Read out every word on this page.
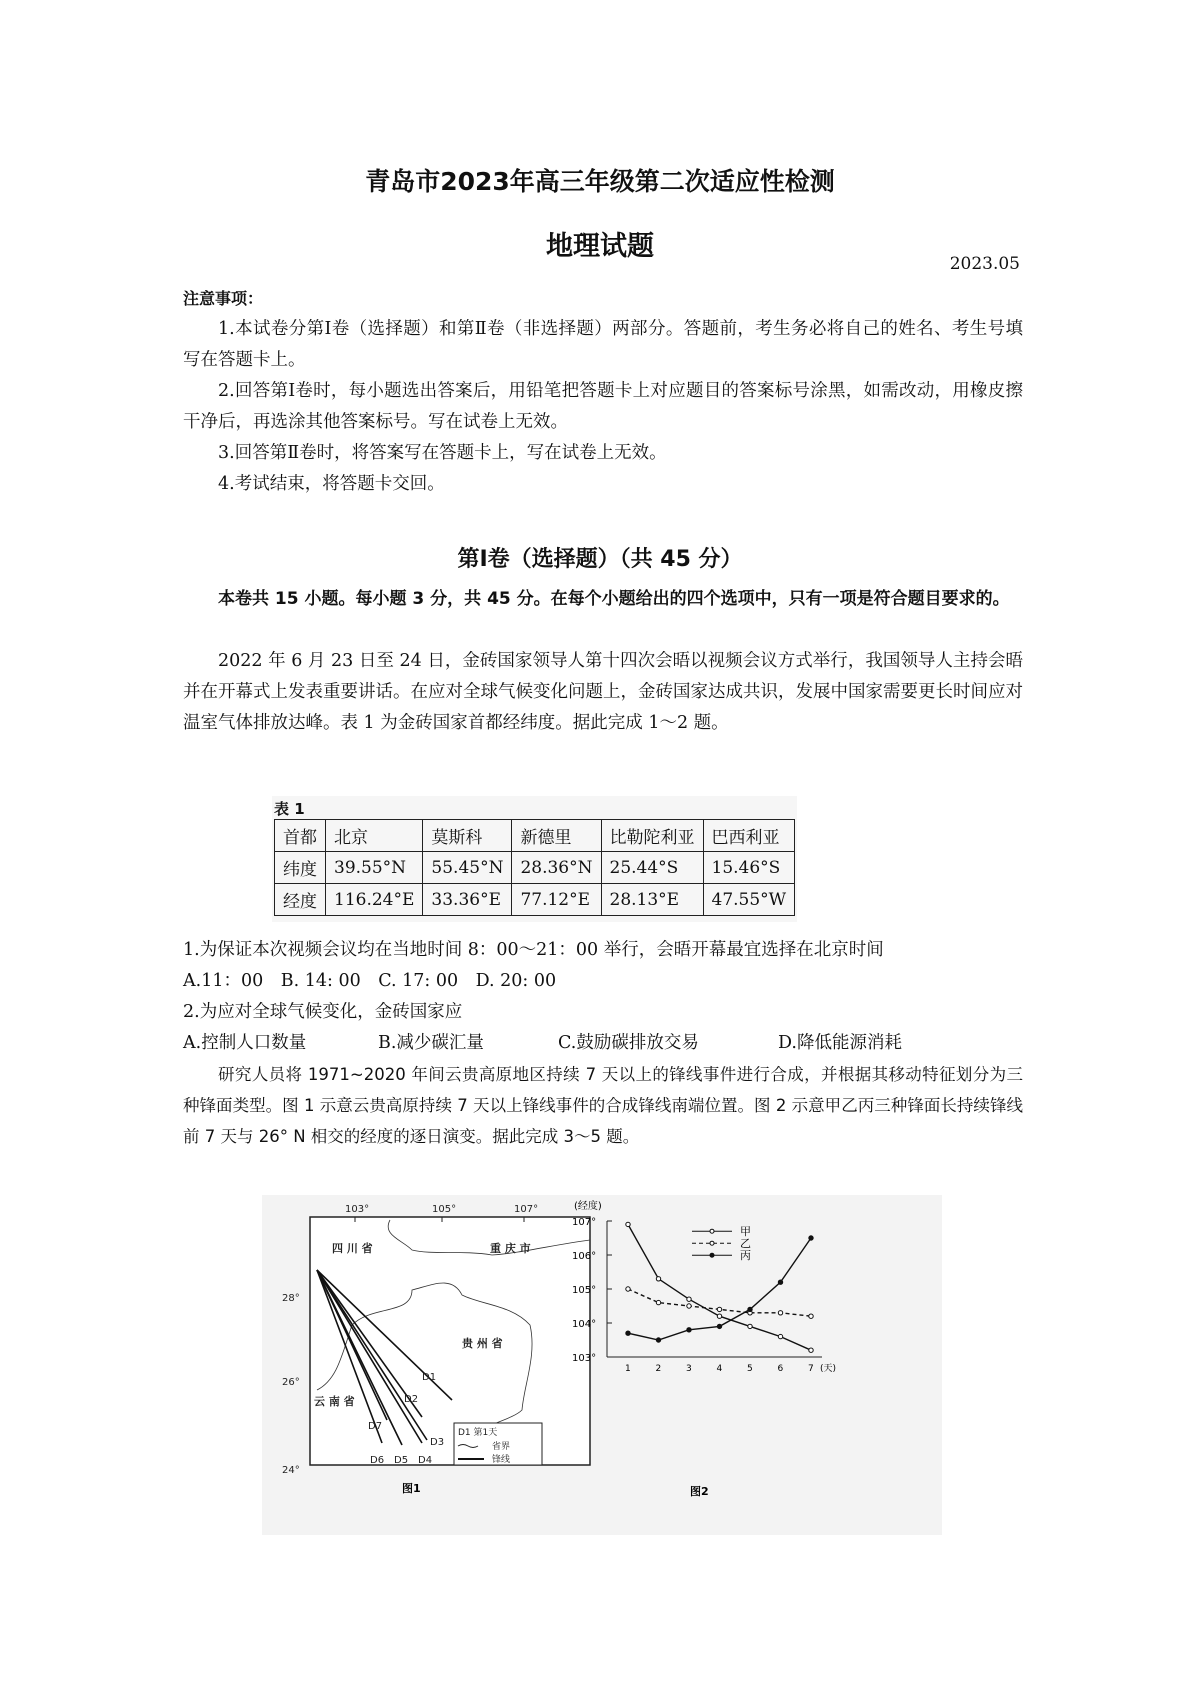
青岛市2023年高三年级第二次适应性检测
地理试题
2023.05
注意事项：
1.本试卷分第Ⅰ卷（选择题）和第Ⅱ卷（非选择题）两部分。答题前，考生务必将自己的姓名、考生号填写在答题卡上。
2.回答第Ⅰ卷时，每小题选出答案后，用铅笔把答题卡上对应题目的答案标号涂黑，如需改动，用橡皮擦干净后，再选涂其他答案标号。写在试卷上无效。
3.回答第Ⅱ卷时，将答案写在答题卡上，写在试卷上无效。
4.考试结束，将答题卡交回。
第Ⅰ卷（选择题）（共 45 分）
本卷共 15 小题。每小题 3 分，共 45 分。在每个小题给出的四个选项中，只有一项是符合题目要求的。
2022 年 6 月 23 日至 24 日，金砖国家领导人第十四次会晤以视频会议方式举行，我国领导人主持会晤并在开幕式上发表重要讲话。在应对全球气候变化问题上，金砖国家达成共识，发展中国家需要更长时间应对温室气体排放达峰。表 1 为金砖国家首都经纬度。据此完成 1～2 题。
表 1
首都	北京	莫斯科	新德里	比勒陀利亚	巴西利亚
纬度	39.55°N	55.45°N	28.36°N	25.44°S	15.46°S
经度	116.24°E	33.36°E	77.12°E	28.13°E	47.55°W
1.为保证本次视频会议均在当地时间 8：00～21：00 举行，会晤开幕最宜选择在北京时间
A.11：00　B. 14: 00　C. 17: 00　D. 20: 00
2.为应对全球气候变化，金砖国家应
A.控制人口数量	B.减少碳汇量	C.鼓励碳排放交易	D.降低能源消耗
研究人员将 1971~2020 年间云贵高原地区持续 7 天以上的锋线事件进行合成，并根据其移动特征划分为三种锋面类型。图 1 示意云贵高原持续 7 天以上锋线事件的合成锋线南端位置。图 2 示意甲乙丙三种锋面长持续锋线前 7 天与 26° N 相交的经度的逐日演变。据此完成 3～5 题。
103°	105°	107°
28°
26°
24°
四 川 省	重 庆 市
贵 州 省
云 南 省
D1
D2
D3
D4
D5
D6
D7
D1 第1天
省界
锋线
图1
(经度)
103°
104°
105°
106°
107°
1	2	3	4	5	6	7 (天)
甲
乙
丙
图2
